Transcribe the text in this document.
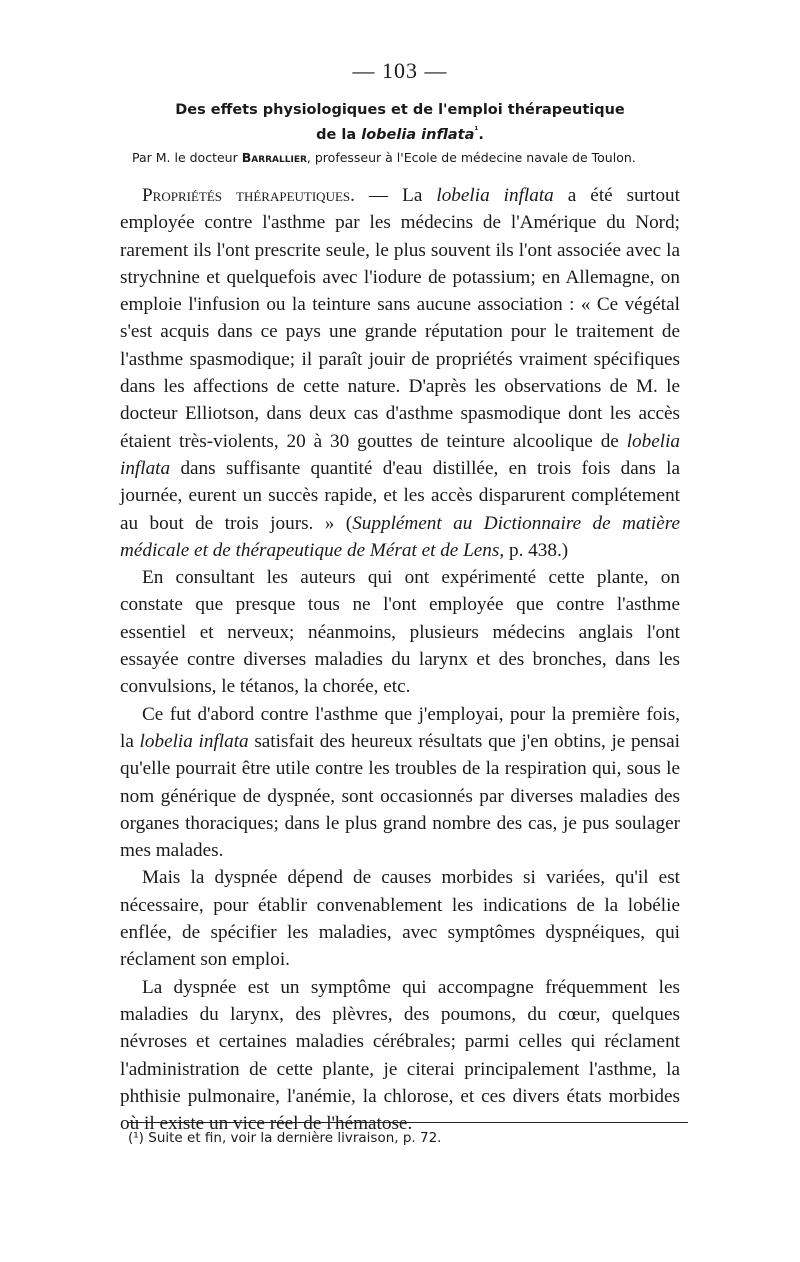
— 103 —
Des effets physiologiques et de l'emploi thérapeutique
de la lobelia inflata$^{^1}$.
Par M. le docteur Barrallier, professeur à l'Ecole de médecine navale de Toulon.

Propriétés thérapeutiques. — La lobelia inflata a été surtout employée contre l'asthme par les médecins de l'Amérique du Nord; rarement ils l'ont prescrite seule, le plus souvent ils l'ont associée avec la strychnine et quelquefois avec l'iodure de potassium; en Allemagne, on emploie l'infusion ou la teinture sans aucune association : « Ce végétal s'est acquis dans ce pays une grande réputation pour le traitement de l'asthme spasmodique; il paraît jouir de propriétés vraiment spécifiques dans les affections de cette nature. D'après les observations de M. le docteur Elliotson, dans deux cas d'asthme spasmodique dont les accès étaient très-violents, 20 à 30 gouttes de teinture alcoolique de lobelia inflata dans suffisante quantité d'eau distillée, en trois fois dans la journée, eurent un succès rapide, et les accès disparurent complétement au bout de trois jours. » (Supplément au Dictionnaire de matière médicale et de thérapeutique de Mérat et de Lens, p. 438.)

En consultant les auteurs qui ont expérimenté cette plante, on constate que presque tous ne l'ont employée que contre l'asthme essentiel et nerveux; néanmoins, plusieurs médecins anglais l'ont essayée contre diverses maladies du larynx et des bronches, dans les convulsions, le tétanos, la chorée, etc.

Ce fut d'abord contre l'asthme que j'employai, pour la première fois, la lobelia inflata satisfait des heureux résultats que j'en obtins, je pensai qu'elle pourrait être utile contre les troubles de la respiration qui, sous le nom générique de dyspnée, sont occasionnés par diverses maladies des organes thoraciques; dans le plus grand nombre des cas, je pus soulager mes malades.

Mais la dyspnée dépend de causes morbides si variées, qu'il est nécessaire, pour établir convenablement les indications de la lobélie enflée, de spécifier les maladies, avec symptômes dyspnéiques, qui réclament son emploi.

La dyspnée est un symptôme qui accompagne fréquemment les maladies du larynx, des plèvres, des poumons, du cœur, quelques névroses et certaines maladies cérébrales; parmi celles qui réclament l'administration de cette plante, je citerai principalement l'asthme, la phthisie pulmonaire, l'anémie, la chlorose, et ces divers états morbides où il existe un vice réel de l'hématose.

(¹) Suite et fin, voir la dernière livraison, p. 72.
